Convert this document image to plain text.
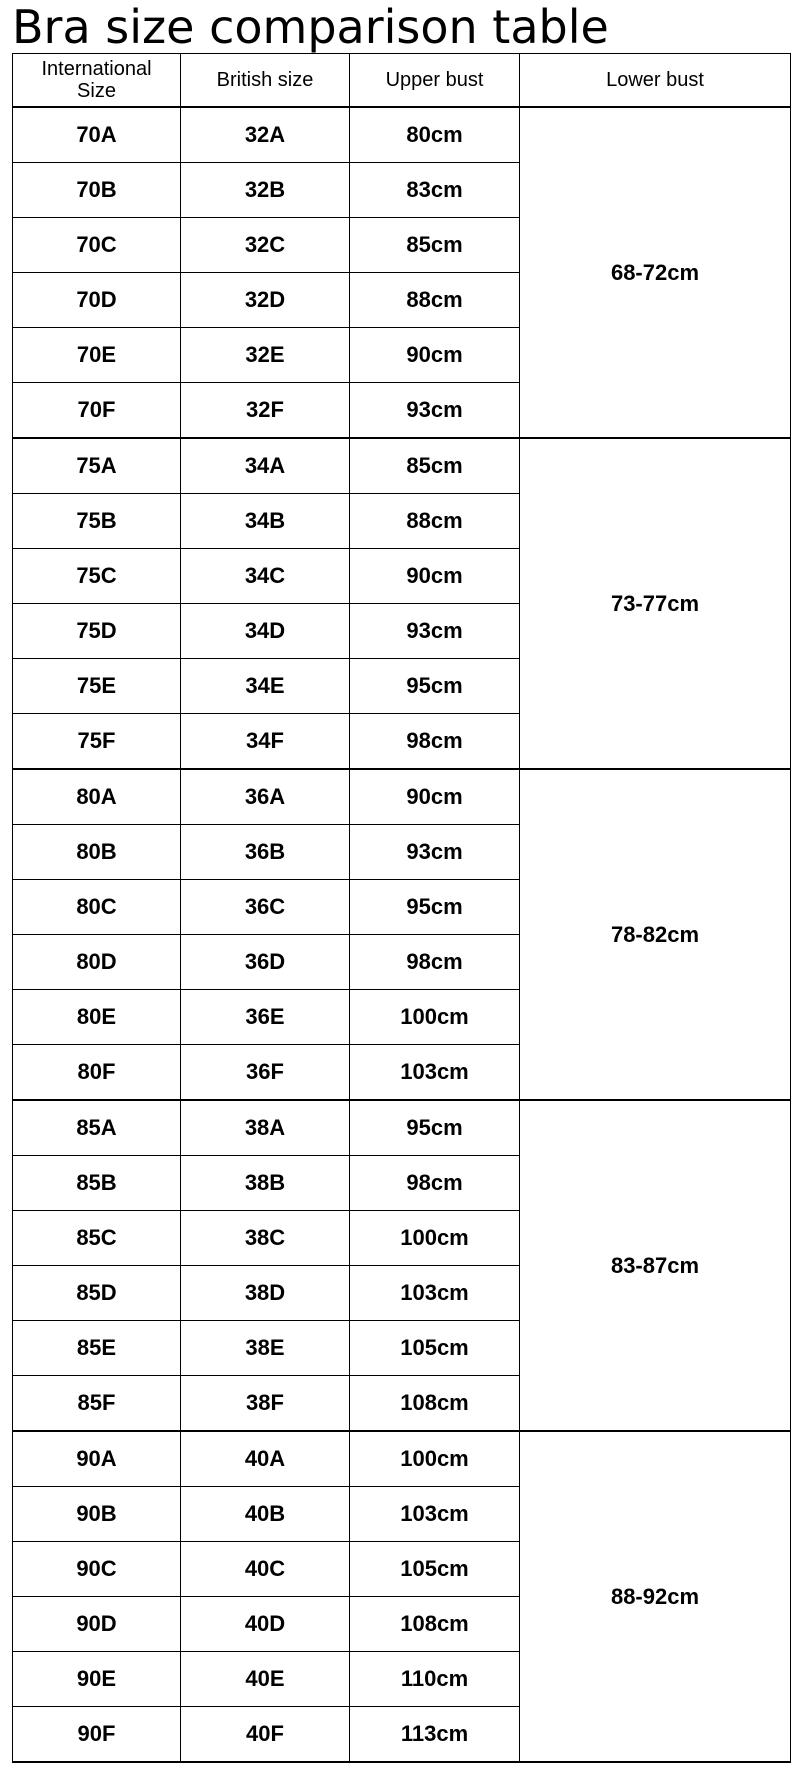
Bra size comparison table
International
Size	British size	Upper bust	Lower bust
70A	32A	80cm	68-72cm
70B	32B	83cm	
70C	32C	85cm	
70D	32D	88cm	
70E	32E	90cm	
70F	32F	93cm	
75A	34A	85cm	73-77cm
75B	34B	88cm	
75C	34C	90cm	
75D	34D	93cm	
75E	34E	95cm	
75F	34F	98cm	
80A	36A	90cm	78-82cm
80B	36B	93cm	
80C	36C	95cm	
80D	36D	98cm	
80E	36E	100cm	
80F	36F	103cm	
85A	38A	95cm	83-87cm
85B	38B	98cm	
85C	38C	100cm	
85D	38D	103cm	
85E	38E	105cm	
85F	38F	108cm	
90A	40A	100cm	88-92cm
90B	40B	103cm	
90C	40C	105cm	
90D	40D	108cm	
90E	40E	110cm	
90F	40F	113cm	
